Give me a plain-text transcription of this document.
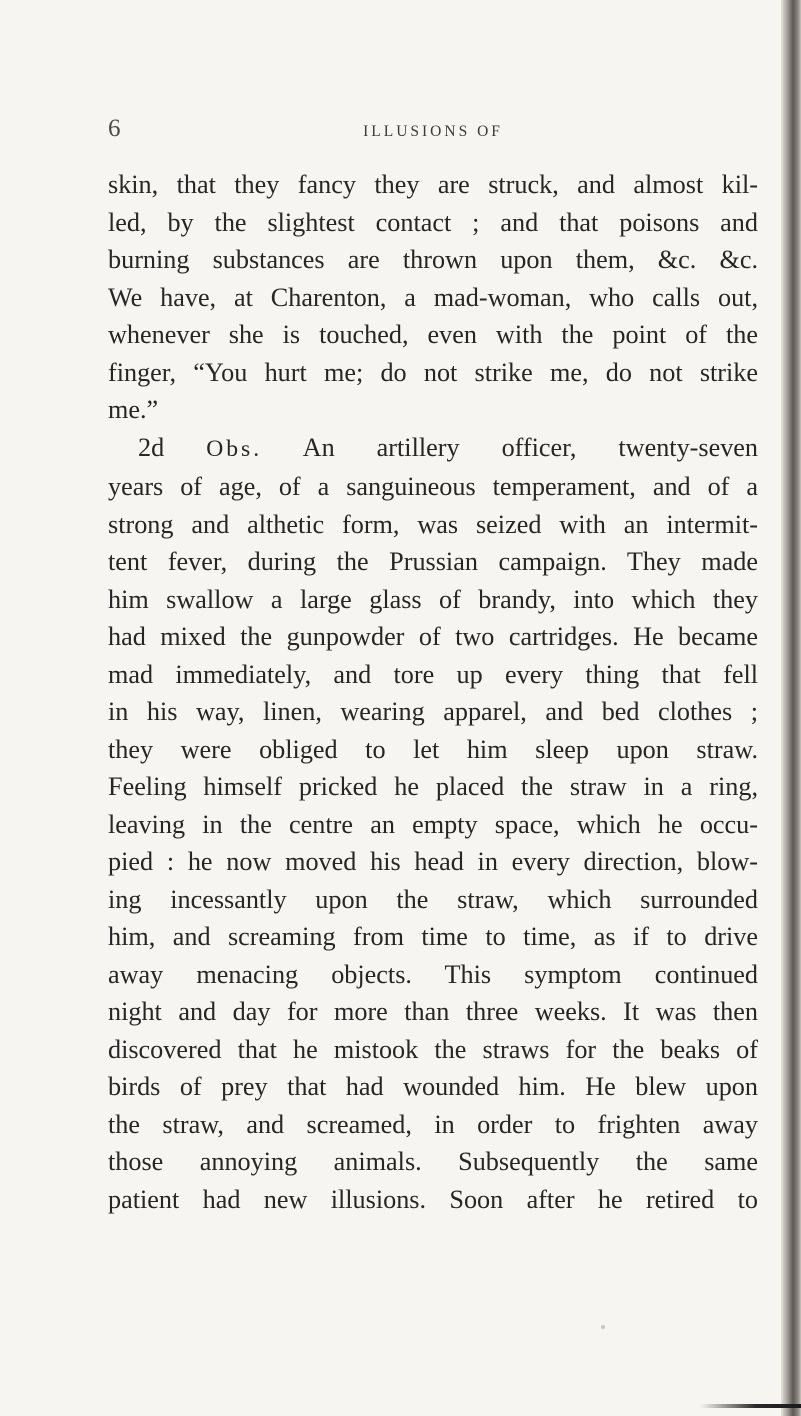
6	ILLUSIONS OF
skin, that they fancy they are struck, and almost kil-
led, by the slightest contact ; and that poisons and
burning substances are thrown upon them, &c. &c.
We have, at Charenton, a mad-woman, who calls out,
whenever she is touched, even with the point of the
finger, “You hurt me; do not strike me, do not strike
me.”
2d Obs. An artillery officer, twenty-seven
years of age, of a sanguineous temperament, and of a
strong and althetic form, was seized with an intermit-
tent fever, during the Prussian campaign. They made
him swallow a large glass of brandy, into which they
had mixed the gunpowder of two cartridges. He became
mad immediately, and tore up every thing that fell
in his way, linen, wearing apparel, and bed clothes ;
they were obliged to let him sleep upon straw.
Feeling himself pricked he placed the straw in a ring,
leaving in the centre an empty space, which he occu-
pied : he now moved his head in every direction, blow-
ing incessantly upon the straw, which surrounded
him, and screaming from time to time, as if to drive
away menacing objects. This symptom continued
night and day for more than three weeks. It was then
discovered that he mistook the straws for the beaks of
birds of prey that had wounded him. He blew upon
the straw, and screamed, in order to frighten away
those annoying animals. Subsequently the same
patient had new illusions. Soon after he retired to
